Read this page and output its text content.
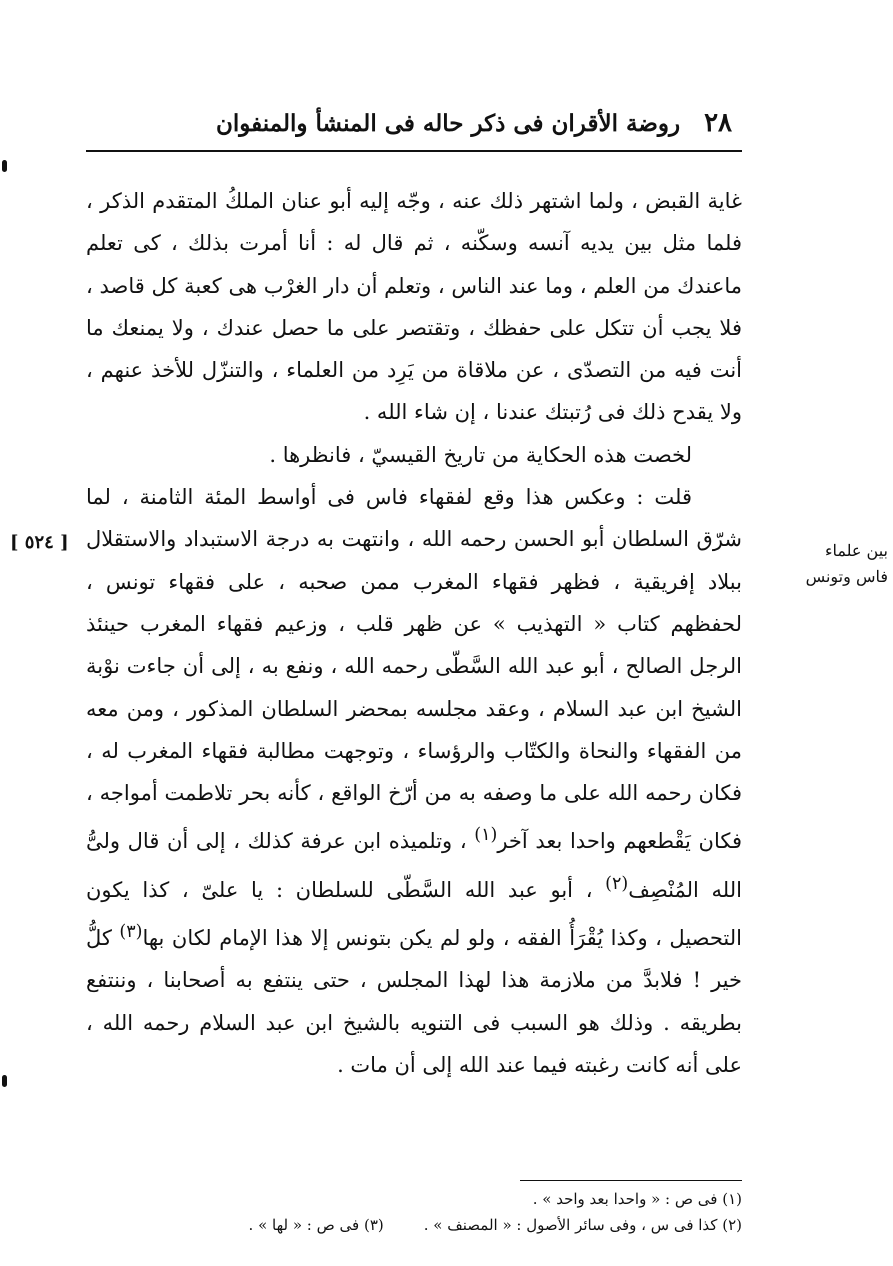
٢٨
روضة الأقران فى ذكر حاله فى المنشأ والمنفوان
[ ٥٢٤ ]	بين علماء
فاس وتونس

غاية القبض ، ولما اشتهر ذلك عنه ، وجّه إليه أبو عنان الملكُ المتقدم الذكر ، فلما مثل بين يديه آنسه وسكّنه ، ثم قال له : أنا أمرت بذلك ، كى تعلم ماعندك من العلم ، وما عند الناس ، وتعلم أن دار الغرْب هى كعبة كل قاصد ، فلا يجب أن تتكل على حفظك ، وتقتصر على ما حصل عندك ، ولا يمنعك ما أنت فيه من التصدّى ، عن ملاقاة من يَرِد من العلماء ، والتنزّل للأخذ عنهم ، ولا يقدح ذلك فى رُتبتك عندنا ، إن شاء الله .

لخصت هذه الحكاية من تاريخ القيسيّ ، فانظرها .

قلت : وعكس هذا وقع لفقهاء فاس فى أواسط المئة الثامنة ، لما شرّق السلطان أبو الحسن رحمه الله ، وانتهت به درجة الاستبداد والاستقلال ببلاد إفريقية ، فظهر فقهاء المغرب ممن صحبه ، على فقهاء تونس ، لحفظهم كتاب « التهذيب » عن ظهر قلب ، وزعيم فقهاء المغرب حينئذ الرجل الصالح ، أبو عبد الله السَّطّى رحمه الله ، ونفع به ، إلى أن جاءت نوْبة الشيخ ابن عبد السلام ، وعقد مجلسه بمحضر السلطان المذكور ، ومن معه من الفقهاء والنحاة والكتّاب والرؤساء ، وتوجهت مطالبة فقهاء المغرب له ، فكان رحمه الله على ما وصفه به من أرّخ الواقع ، كأنه بحر تلاطمت أمواجه ، فكان يَقْطعهم واحدا بعد آخر$^{(١)}$ ، وتلميذه ابن عرفة كذلك ، إلى أن قال ولىُّ الله المُنْصِف$^{(٢)}$ ، أبو عبد الله السَّطّى للسلطان : يا علىّ ، كذا يكون التحصيل ، وكذا يُقْرَأُ الفقه ، ولو لم يكن بتونس إلا هذا الإمام لكان بها$^{(٣)}$ كلُّ خير ! فلابدَّ من ملازمة هذا لهذا المجلس ، حتى ينتفع به أصحابنا ، وننتفع بطريقه . وذلك هو السبب فى التنويه بالشيخ ابن عبد السلام رحمه الله ، على أنه كانت رغبته فيما عند الله إلى أن مات .

(١) فى ص : « واحدا بعد واحد » .

(٢) كذا فى س ، وفى سائر الأصول : « المصنف » .(٣) فى ص : « لها » .
